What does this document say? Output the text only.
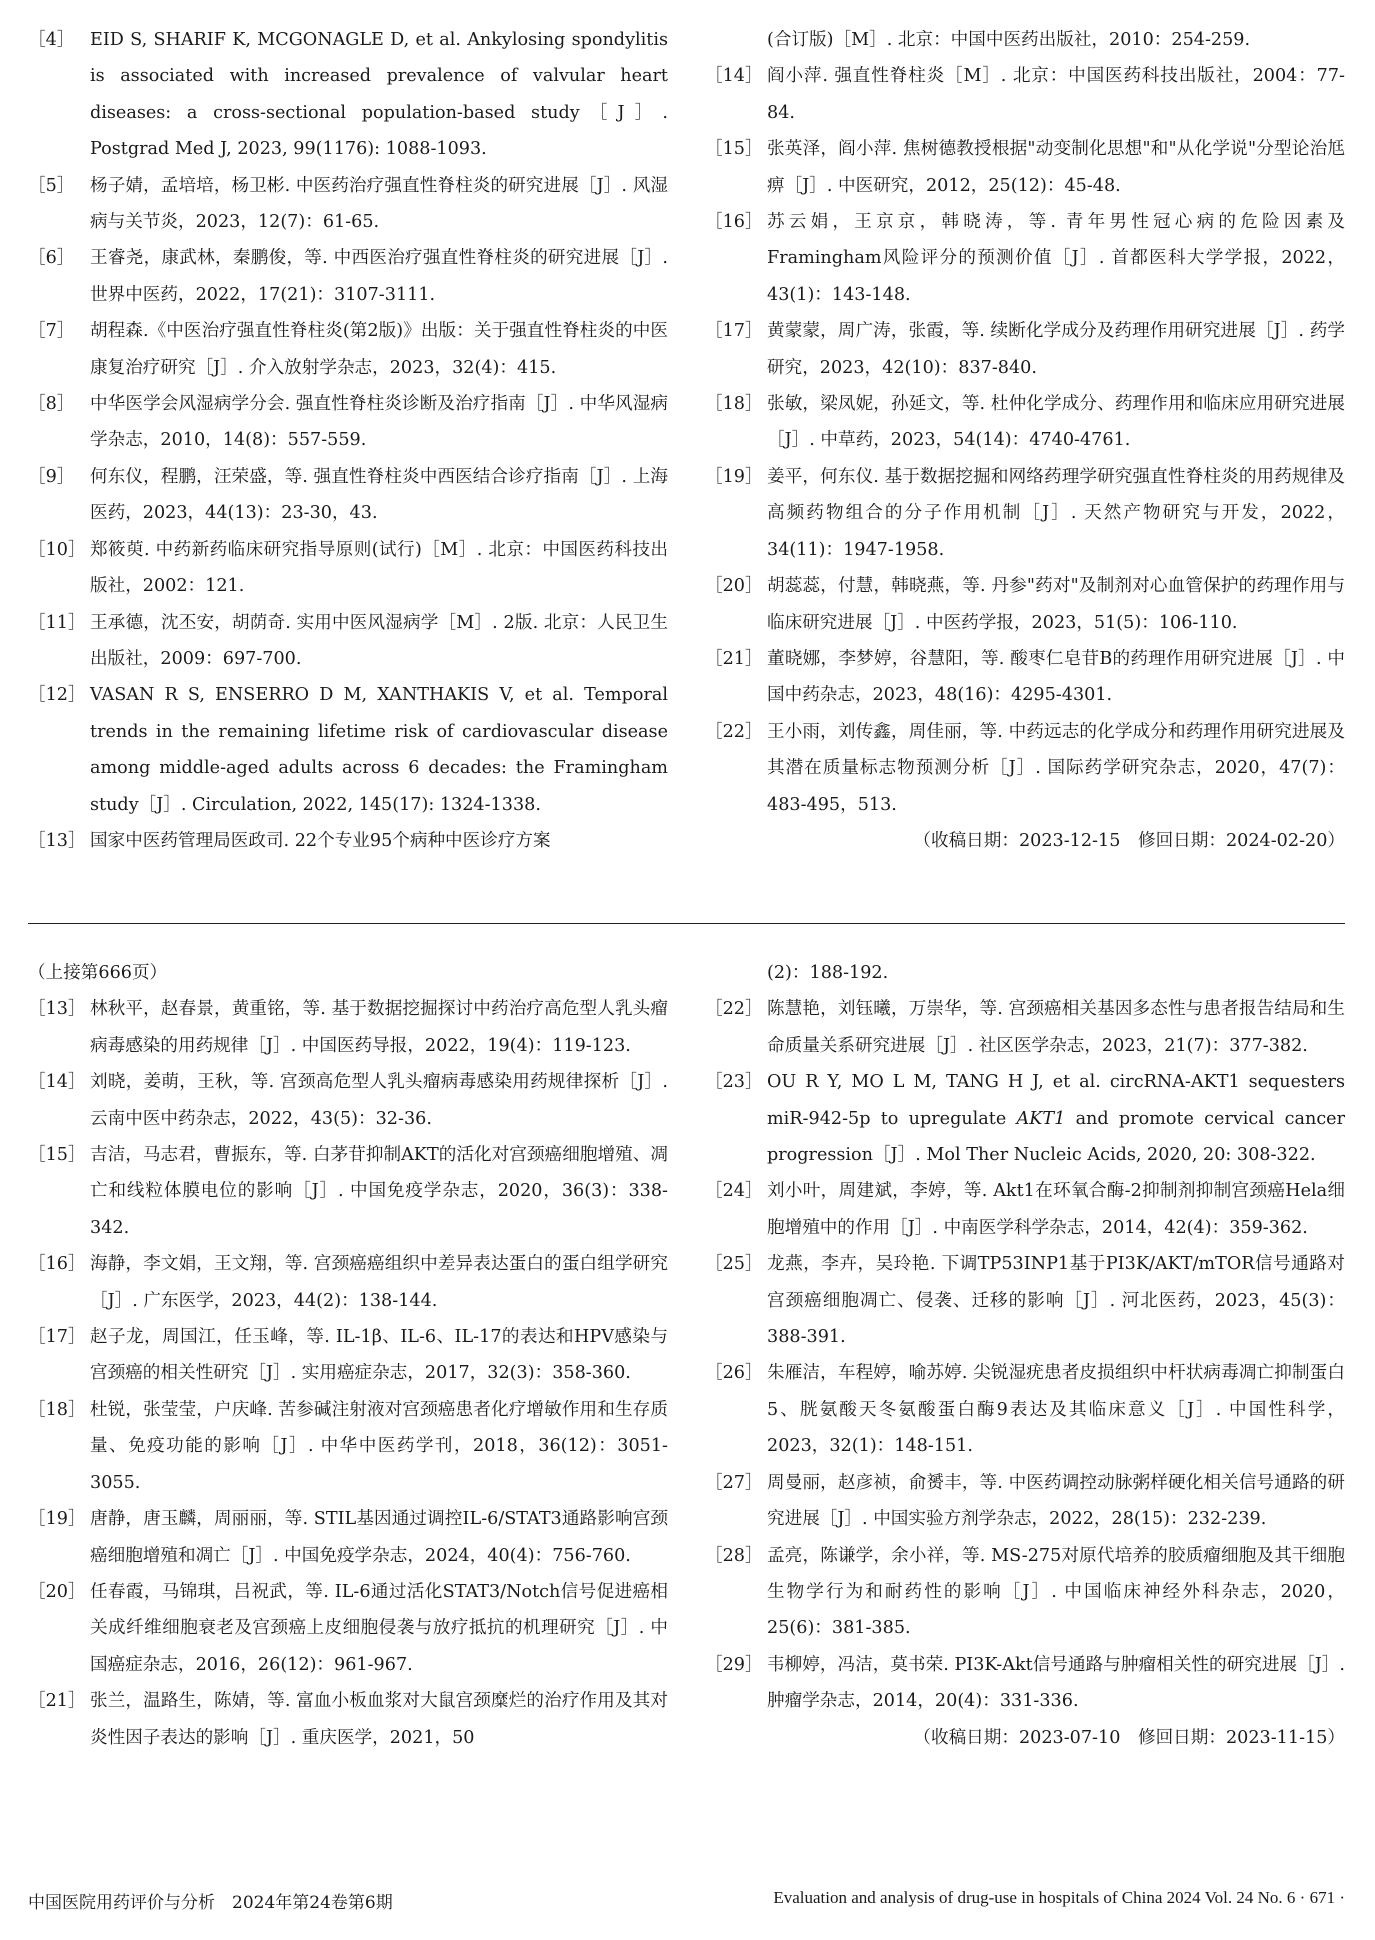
［4］ EID S, SHARIF K, MCGONAGLE D, et al. Ankylosing spondylitis is associated with increased prevalence of valvular heart diseases: a cross-sectional population-based study［J］. Postgrad Med J, 2023, 99(1176): 1088-1093.
［5］ 杨子婧，孟培培，杨卫彬. 中医药治疗强直性脊柱炎的研究进展［J］. 风湿病与关节炎，2023，12(7)：61-65.
［6］ 王睿尧，康武林，秦鹏俊，等. 中西医治疗强直性脊柱炎的研究进展［J］. 世界中医药，2022，17(21)：3107-3111.
［7］ 胡程森.《中医治疗强直性脊柱炎(第2版)》出版：关于强直性脊柱炎的中医康复治疗研究［J］. 介入放射学杂志，2023，32(4)：415.
［8］ 中华医学会风湿病学分会. 强直性脊柱炎诊断及治疗指南［J］. 中华风湿病学杂志，2010，14(8)：557-559.
［9］ 何东仪，程鹏，汪荣盛，等. 强直性脊柱炎中西医结合诊疗指南［J］. 上海医药，2023，44(13)：23-30，43.
［10］ 郑筱萸. 中药新药临床研究指导原则(试行)［M］. 北京：中国医药科技出版社，2002：121.
［11］ 王承德，沈丕安，胡荫奇. 实用中医风湿病学［M］. 2版. 北京：人民卫生出版社，2009：697-700.
［12］ VASAN R S, ENSERRO D M, XANTHAKIS V, et al. Temporal trends in the remaining lifetime risk of cardiovascular disease among middle-aged adults across 6 decades: the Framingham study［J］. Circulation, 2022, 145(17): 1324-1338.
［13］ 国家中医药管理局医政司. 22个专业95个病种中医诊疗方案
(合订版)［M］. 北京：中国中医药出版社，2010：254-259.
［14］ 阎小萍. 强直性脊柱炎［M］. 北京：中国医药科技出版社，2004：77-84.
［15］ 张英泽，阎小萍. 焦树德教授根据"动变制化思想"和"从化学说"分型论治尪痹［J］. 中医研究，2012，25(12)：45-48.
［16］ 苏云娟，王京京，韩晓涛，等. 青年男性冠心病的危险因素及Framingham风险评分的预测价值［J］. 首都医科大学学报，2022，43(1)：143-148.
［17］ 黄蒙蒙，周广涛，张霞，等. 续断化学成分及药理作用研究进展［J］. 药学研究，2023，42(10)：837-840.
［18］ 张敏，梁凤妮，孙延文，等. 杜仲化学成分、药理作用和临床应用研究进展［J］. 中草药，2023，54(14)：4740-4761.
［19］ 姜平，何东仪. 基于数据挖掘和网络药理学研究强直性脊柱炎的用药规律及高频药物组合的分子作用机制［J］. 天然产物研究与开发，2022，34(11)：1947-1958.
［20］ 胡蕊蕊，付慧，韩晓燕，等. 丹参"药对"及制剂对心血管保护的药理作用与临床研究进展［J］. 中医药学报，2023，51(5)：106-110.
［21］ 董晓娜，李梦婷，谷慧阳，等. 酸枣仁皂苷B的药理作用研究进展［J］. 中国中药杂志，2023，48(16)：4295-4301.
［22］ 王小雨，刘传鑫，周佳丽，等. 中药远志的化学成分和药理作用研究进展及其潜在质量标志物预测分析［J］. 国际药学研究杂志，2020，47(7)：483-495，513.
（收稿日期：2023-12-15　修回日期：2024-02-20）
（上接第666页）
［13］ 林秋平，赵春景，黄重铭，等. 基于数据挖掘探讨中药治疗高危型人乳头瘤病毒感染的用药规律［J］. 中国医药导报，2022，19(4)：119-123.
［14］ 刘晓，姜萌，王秋，等. 宫颈高危型人乳头瘤病毒感染用药规律探析［J］. 云南中医中药杂志，2022，43(5)：32-36.
［15］ 吉洁，马志君，曹振东，等. 白茅苷抑制AKT的活化对宫颈癌细胞增殖、凋亡和线粒体膜电位的影响［J］. 中国免疫学杂志，2020，36(3)：338-342.
［16］ 海静，李文娟，王文翔，等. 宫颈癌癌组织中差异表达蛋白的蛋白组学研究［J］. 广东医学，2023，44(2)：138-144.
［17］ 赵子龙，周国江，任玉峰，等. IL-1β、IL-6、IL-17的表达和HPV感染与宫颈癌的相关性研究［J］. 实用癌症杂志，2017，32(3)：358-360.
［18］ 杜锐，张莹莹，户庆峰. 苦参碱注射液对宫颈癌患者化疗增敏作用和生存质量、免疫功能的影响［J］. 中华中医药学刊，2018，36(12)：3051-3055.
［19］ 唐静，唐玉麟，周丽丽，等. STIL基因通过调控IL-6/STAT3通路影响宫颈癌细胞增殖和凋亡［J］. 中国免疫学杂志，2024，40(4)：756-760.
［20］ 任春霞，马锦琪，吕祝武，等. IL-6通过活化STAT3/Notch信号促进癌相关成纤维细胞衰老及宫颈癌上皮细胞侵袭与放疗抵抗的机理研究［J］. 中国癌症杂志，2016，26(12)：961-967.
［21］ 张兰，温路生，陈婧，等. 富血小板血浆对大鼠宫颈糜烂的治疗作用及其对炎性因子表达的影响［J］. 重庆医学，2021，50
(2)：188-192.
［22］ 陈慧艳，刘钰曦，万崇华，等. 宫颈癌相关基因多态性与患者报告结局和生命质量关系研究进展［J］. 社区医学杂志，2023，21(7)：377-382.
［23］ OU R Y, MO L M, TANG H J, et al. circRNA-AKT1 sequesters miR-942-5p to upregulate AKT1 and promote cervical cancer progression［J］. Mol Ther Nucleic Acids, 2020, 20: 308-322.
［24］ 刘小叶，周建斌，李婷，等. Akt1在环氧合酶-2抑制剂抑制宫颈癌Hela细胞增殖中的作用［J］. 中南医学科学杂志，2014，42(4)：359-362.
［25］ 龙燕，李卉，吴玲艳. 下调TP53INP1基于PI3K/AKT/mTOR信号通路对宫颈癌细胞凋亡、侵袭、迁移的影响［J］. 河北医药，2023，45(3)：388-391.
［26］ 朱雁洁，车程婷，喻苏婷. 尖锐湿疣患者皮损组织中杆状病毒凋亡抑制蛋白5、胱氨酸天冬氨酸蛋白酶9表达及其临床意义［J］. 中国性科学，2023，32(1)：148-151.
［27］ 周曼丽，赵彦祯，俞赟丰，等. 中医药调控动脉粥样硬化相关信号通路的研究进展［J］. 中国实验方剂学杂志，2022，28(15)：232-239.
［28］ 孟亮，陈谦学，余小祥，等. MS-275对原代培养的胶质瘤细胞及其干细胞生物学行为和耐药性的影响［J］. 中国临床神经外科杂志，2020，25(6)：381-385.
［29］ 韦柳婷，冯洁，莫书荣. PI3K-Akt信号通路与肿瘤相关性的研究进展［J］. 肿瘤学杂志，2014，20(4)：331-336.
（收稿日期：2023-07-10　修回日期：2023-11-15）
中国医院用药评价与分析　2024年第24卷第6期	Evaluation and analysis of drug-use in hospitals of China 2024 Vol. 24 No. 6 · 671 ·
